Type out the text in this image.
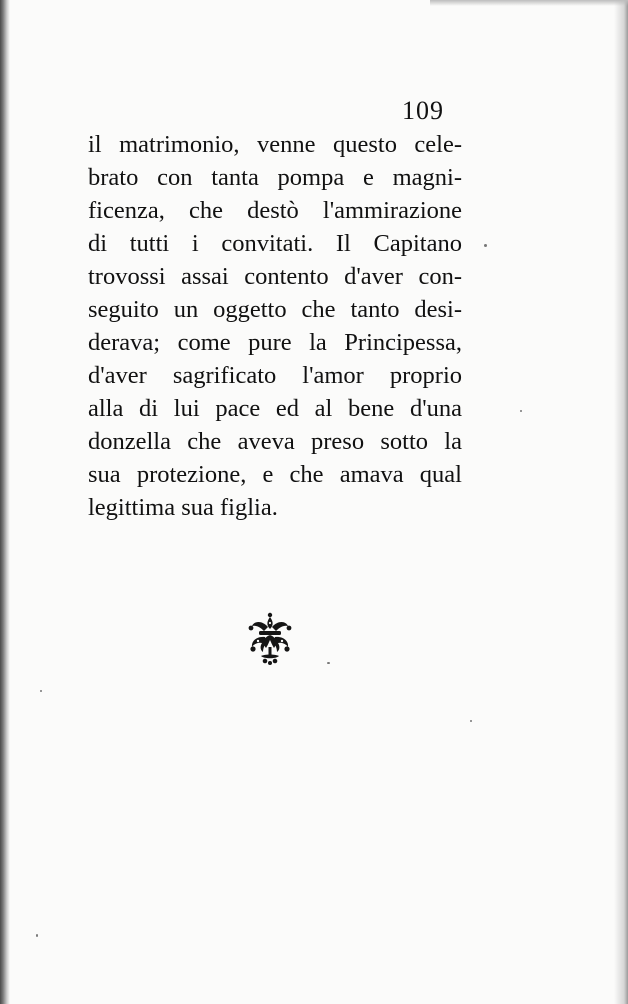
109
il matrimonio, venne questo cele-
brato con tanta pompa e magni-
ficenza, che destò l'ammirazione
di tutti i convitati. Il Capitano
trovossi assai contento d'aver con-
seguito un oggetto che tanto desi-
derava; come pure la Principessa,
d'aver sagrificato l'amor proprio
alla di lui pace ed al bene d'una
donzella che aveva preso sotto la
sua protezione, e che amava qual
legittima sua figlia.
